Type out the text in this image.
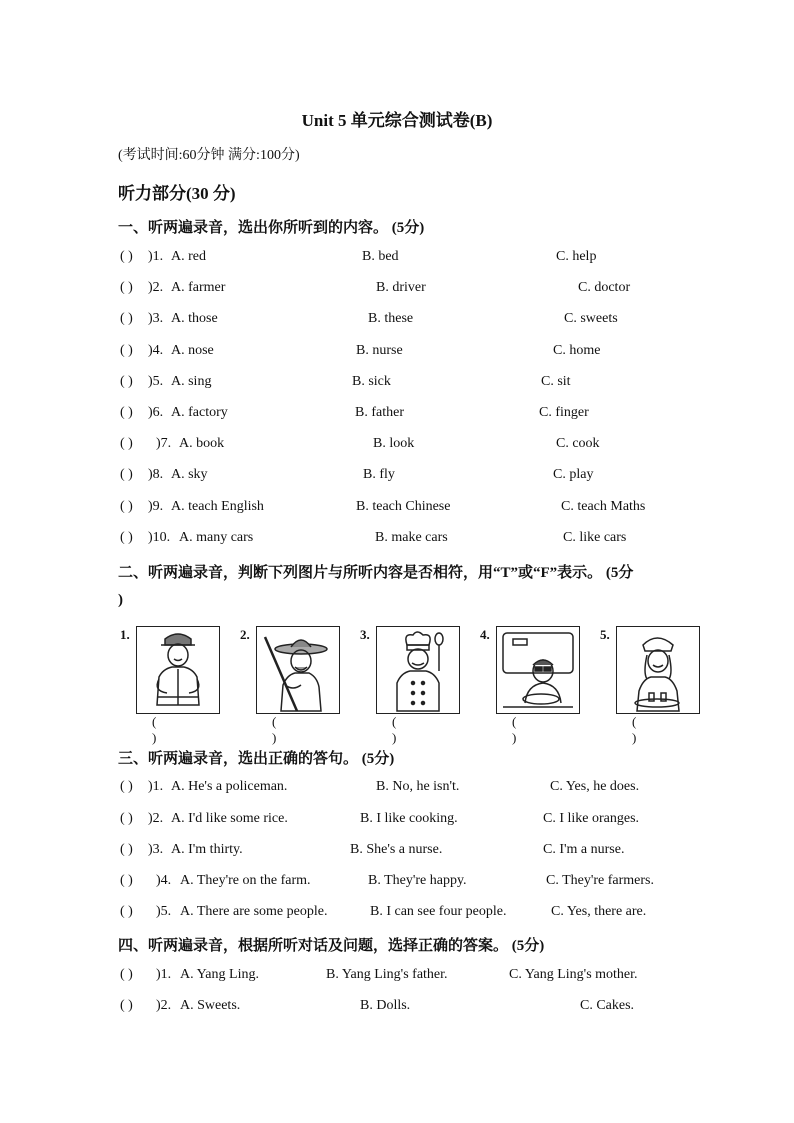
Unit 5 单元综合测试卷(B)
(考试时间:60分钟 满分:100分)
听力部分(30 分)
一、听两遍录音，选出你所听到的内容。 (5分)
( ) )1. A. red	B. bed	C. help
( ) )2. A. farmer	B. driver	C. doctor
( ) )3. A. those	B. these	C. sweets
( ) )4. A. nose	B. nurse	C. home
( ) )5. A. sing	B. sick	C. sit
( ) )6. A. factory	B. father	C. finger
( ) )7. A. book	B. look	C. cook
( ) )8. A. sky	B. fly	C. play
( ) )9. A. teach English	B. teach Chinese	C. teach Maths
( ) )10. A. many cars	B. make cars	C. like cars
二、听两遍录音，判断下列图片与所听内容是否相符，用“T”或“F”表示。 (5分
)
1.
( )
2.
( )
3.
( )
4.
( )
5.
( )
三、听两遍录音，选出正确的答句。 (5分)
( ) )1. A. He's a policeman.	B. No, he isn't.	C. Yes, he does.
( ) )2. A. I'd like some rice.	B. I like cooking.	C. I like oranges.
( ) )3. A. I'm thirty.	B. She's a nurse.	C. I'm a nurse.
( ) )4. A. They're on the farm.	B. They're happy.	C. They're farmers.
( ) )5. A. There are some people.	B. I can see four people.	C. Yes, there are.
四、听两遍录音，根据所听对话及问题，选择正确的答案。 (5分)
( ) )1. A. Yang Ling.	B. Yang Ling's father.	C. Yang Ling's mother.
( ) )2. A. Sweets.	B. Dolls.	C. Cakes.
